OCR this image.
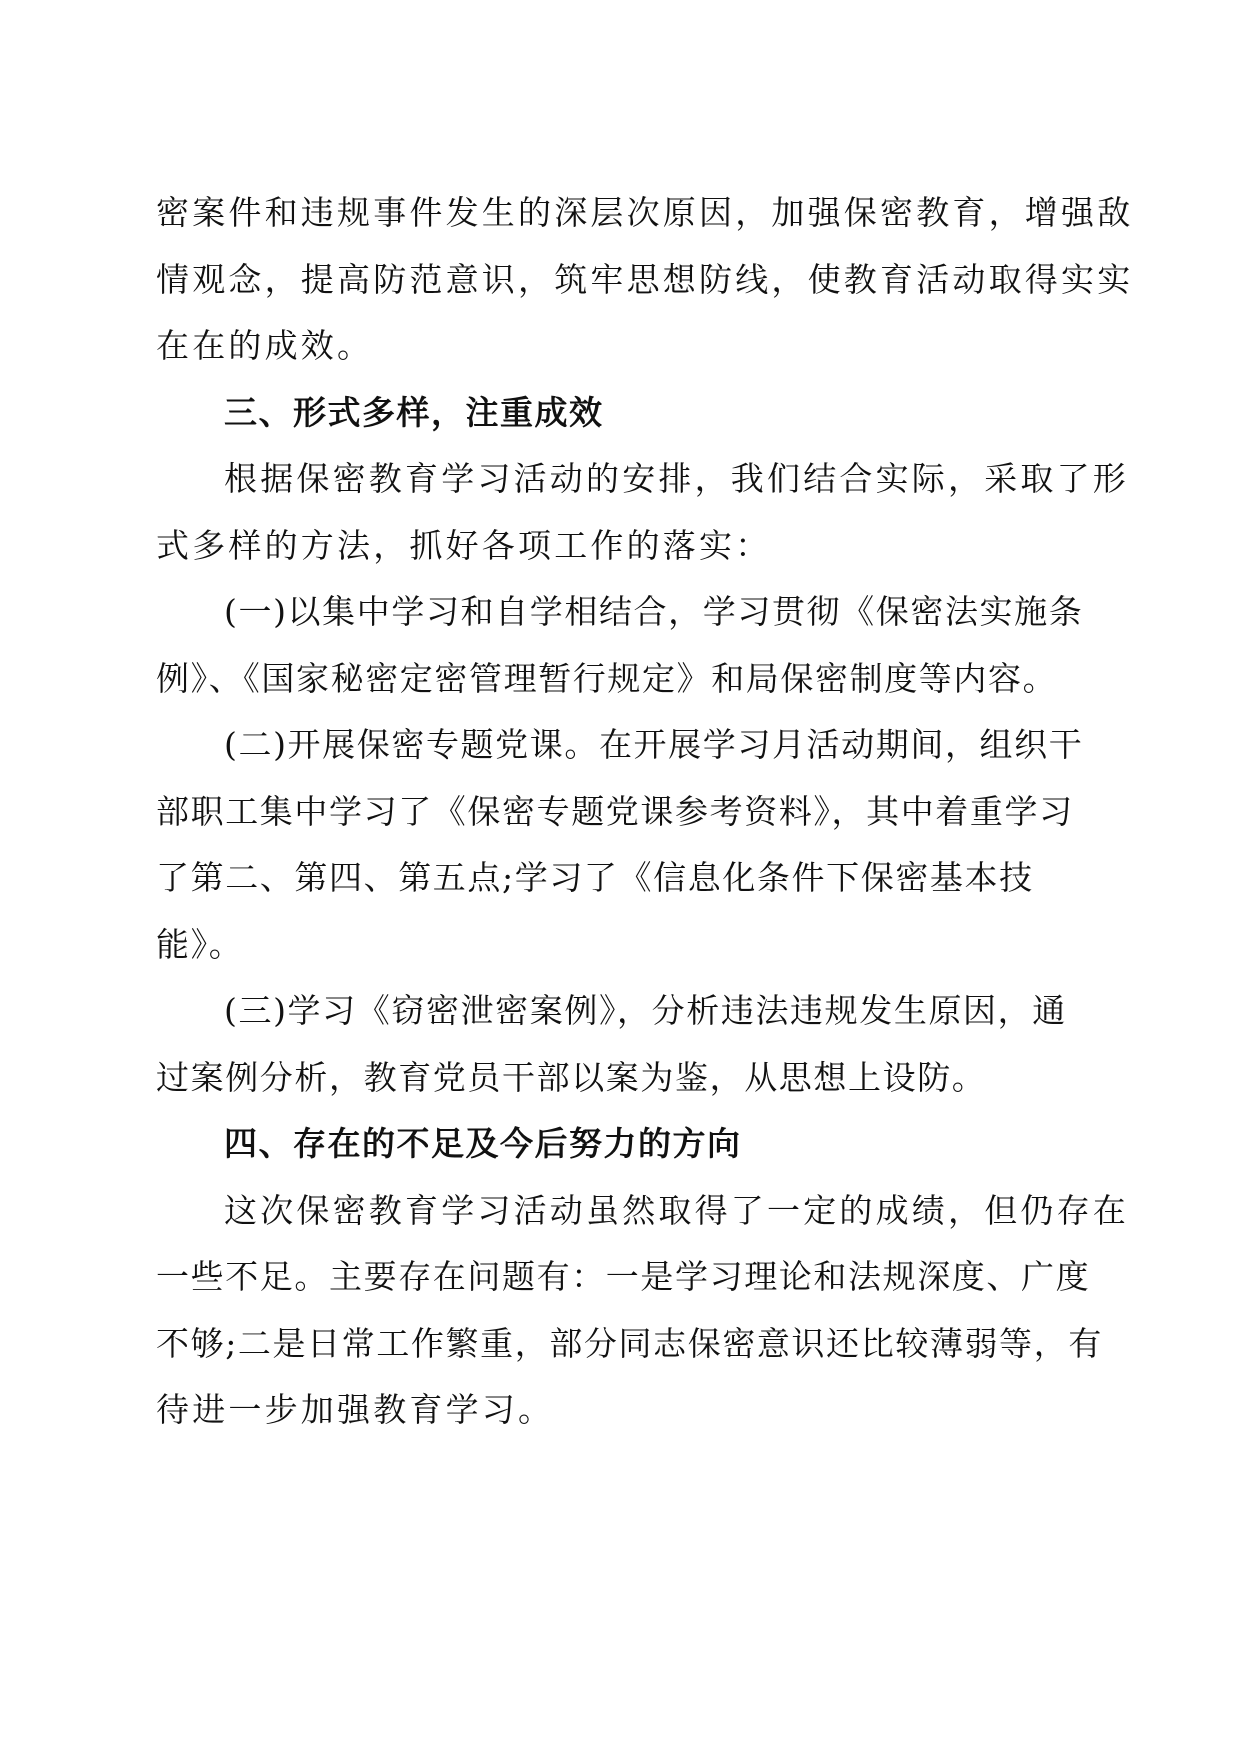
密案件和违规事件发生的深层次原因，加强保密教育，增强敌
情观念，提高防范意识，筑牢思想防线，使教育活动取得实实
在在的成效。
三、形式多样，注重成效
根据保密教育学习活动的安排，我们结合实际，采取了形
式多样的方法，抓好各项工作的落实：
(一)以集中学习和自学相结合，学习贯彻《保密法实施条
例》、《国家秘密定密管理暂行规定》和局保密制度等内容。
(二)开展保密专题党课。在开展学习月活动期间，组织干
部职工集中学习了《保密专题党课参考资料》，其中着重学习
了第二、第四、第五点;学习了《信息化条件下保密基本技
能》。
(三)学习《窃密泄密案例》，分析违法违规发生原因，通
过案例分析，教育党员干部以案为鉴，从思想上设防。
四、存在的不足及今后努力的方向
这次保密教育学习活动虽然取得了一定的成绩，但仍存在
一些不足。主要存在问题有：一是学习理论和法规深度、广度
不够;二是日常工作繁重，部分同志保密意识还比较薄弱等，有
待进一步加强教育学习。
